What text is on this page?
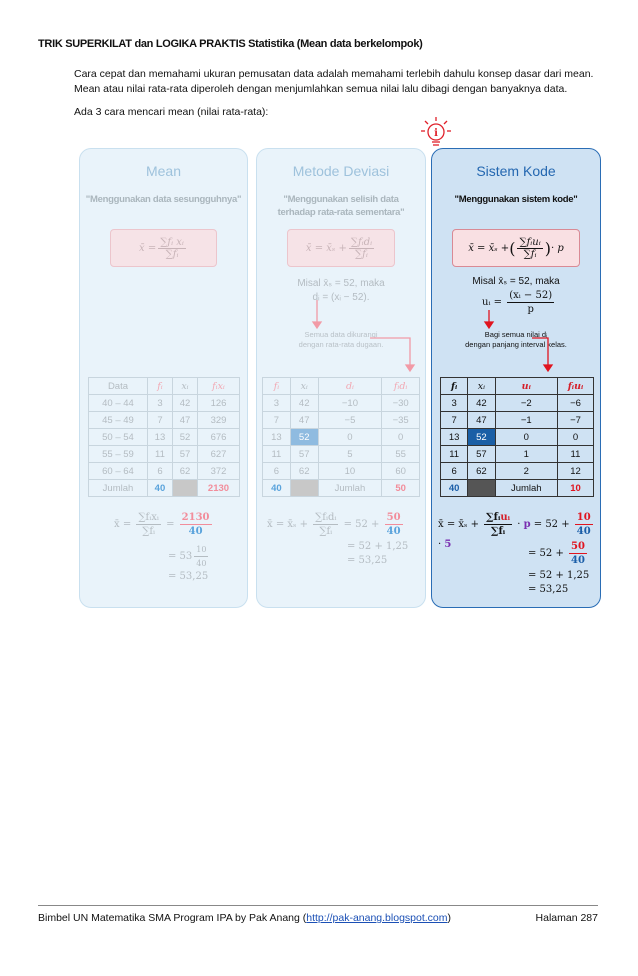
TRIK SUPERKILAT dan LOGIKA PRAKTIS Statistika (Mean data berkelompok)
Cara cepat dan memahami ukuran pemusatan data adalah memahami terlebih dahulu konsep dasar dari mean.
Mean atau nilai rata-rata diperoleh dengan menjumlahkan semua nilai lalu dibagi dengan banyaknya data.
Ada 3 cara mencari mean (nilai rata-rata):
i
Mean
"Menggunakan data sesungguhnya"
x̄ = $\frac{\text{∑fᵢ xᵢ}}{\text{∑fᵢ}}$
Data	fᵢ	xᵢ	fᵢxᵢ
40 – 44	3	42	126
45 – 49	7	47	329
50 – 54	13	52	676
55 – 59	11	57	627
60 – 64	6	62	372
Jumlah	40		2130
x̄ = $\frac{\text{∑fᵢxᵢ}}{\text{∑fᵢ}} = \frac{2130}{40}$
= $53 \frac{10}{40}$
= 53,25
Metode Deviasi
"Menggunakan selisih data
terhadap rata-rata sementara"
x̄ = x̄ₛ + $\frac{\text{∑fᵢdᵢ}}{\text{∑fᵢ}}$
Misal x̄ₛ = 52, maka
dᵢ = (xᵢ − 52).
Semua data dikurangi
dengan rata-rata dugaan.
fᵢ	xᵢ	dᵢ	fᵢdᵢ
3	42	−10	−30
7	47	−5	−35
13	52	0	0
11	57	5	55
6	62	10	60
40		Jumlah	50
x̄ = x̄ₛ + $\frac{\text{∑fᵢdᵢ}}{\text{∑fᵢ}} = 52 + \frac{50}{40}$
= 52 + 1,25
= 53,25
Sistem Kode
"Menggunakan sistem kode"
x̄ = x̄ₛ + ( $\frac{\text{∑fᵢuᵢ}}{\text{∑fᵢ}}$ ) · p
Misal x̄ₛ = 52, maka
uᵢ = $\frac{\text{(xᵢ − 52)}}{p}$
Bagi semua nilai dᵢ
dengan panjang interval kelas.
fᵢ	xᵢ	uᵢ	fᵢuᵢ
3	42	−2	−6
7	47	−1	−7
13	52	0	0
11	57	1	11
6	62	2	12
40		Jumlah	10
x̄ = x̄ₛ + $\frac{\text{∑fᵢuᵢ}}{\text{∑fᵢ}} \cdot p = 52 + \frac{10}{40}$
· 5
= $52 + \frac{50}{40}$
= 52 + 1,25
= 53,25
Bimbel UN Matematika SMA Program IPA by Pak Anang (http://pak-anang.blogspot.com)	Halaman 287
